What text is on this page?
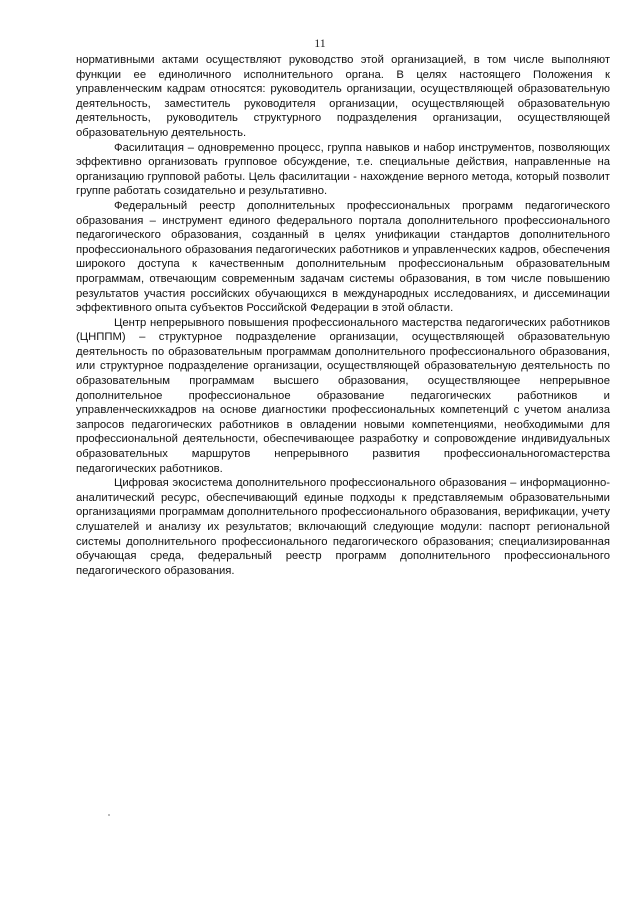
11

нормативными актами осуществляют руководство этой организацией, в том числе выполняют функции ее единоличного исполнительного органа. В целях настоящего Положения к управленческим кадрам относятся: руководитель организации, осуществляющей образовательную деятельность, заместитель руководителя организации, осуществляющей образовательную деятельность, руководитель структурного подразделения организации, осуществляющей образовательную деятельность.

Фасилитация – одновременно процесс, группа навыков и набор инструментов, позволяющих эффективно организовать групповое обсуждение, т.е. специальные действия, направленные на организацию групповой работы. Цель фасилитации - нахождение верного метода, который позволит группе работать созидательно и результативно.

Федеральный реестр дополнительных профессиональных программ педагогического образования – инструмент единого федерального портала дополнительного профессионального педагогического образования, созданный в целях унификации стандартов дополнительного профессионального образования педагогических работников и управленческих кадров, обеспечения широкого доступа к качественным дополнительным профессиональным образовательным программам, отвечающим современным задачам системы образования, в том числе повышению результатов участия российских обучающихся в международных исследованиях, и диссеминации эффективного опыта субъектов Российской Федерации в этой области.

Центр непрерывного повышения профессионального мастерства педагогических работников (ЦНППМ) – структурное подразделение организации, осуществляющей образовательную деятельность по образовательным программам дополнительного профессионального образования, или структурное подразделение организации, осуществляющей образовательную деятельность по образовательным программам высшего образования, осуществляющее непрерывное дополнительное профессиональное образование педагогических работников и управленческихкадров на основе диагностики профессиональных компетенций с учетом анализа запросов педагогических работников в овладении новыми компетенциями, необходимыми для профессиональной деятельности, обеспечивающее разработку и сопровождение индивидуальных образовательных маршрутов непрерывного развития профессиональногомастерства педагогических работников.

Цифровая экосистема дополнительного профессионального образования – информационно-аналитический ресурс, обеспечивающий единые подходы к представляемым образовательными организациями программам дополнительного профессионального образования, верификации, учету слушателей и анализу их результатов; включающий следующие модули: паспорт региональной системы дополнительного профессионального педагогического образования; специализированная обучающая среда, федеральный реестр программ дополнительного профессионального педагогического образования.
